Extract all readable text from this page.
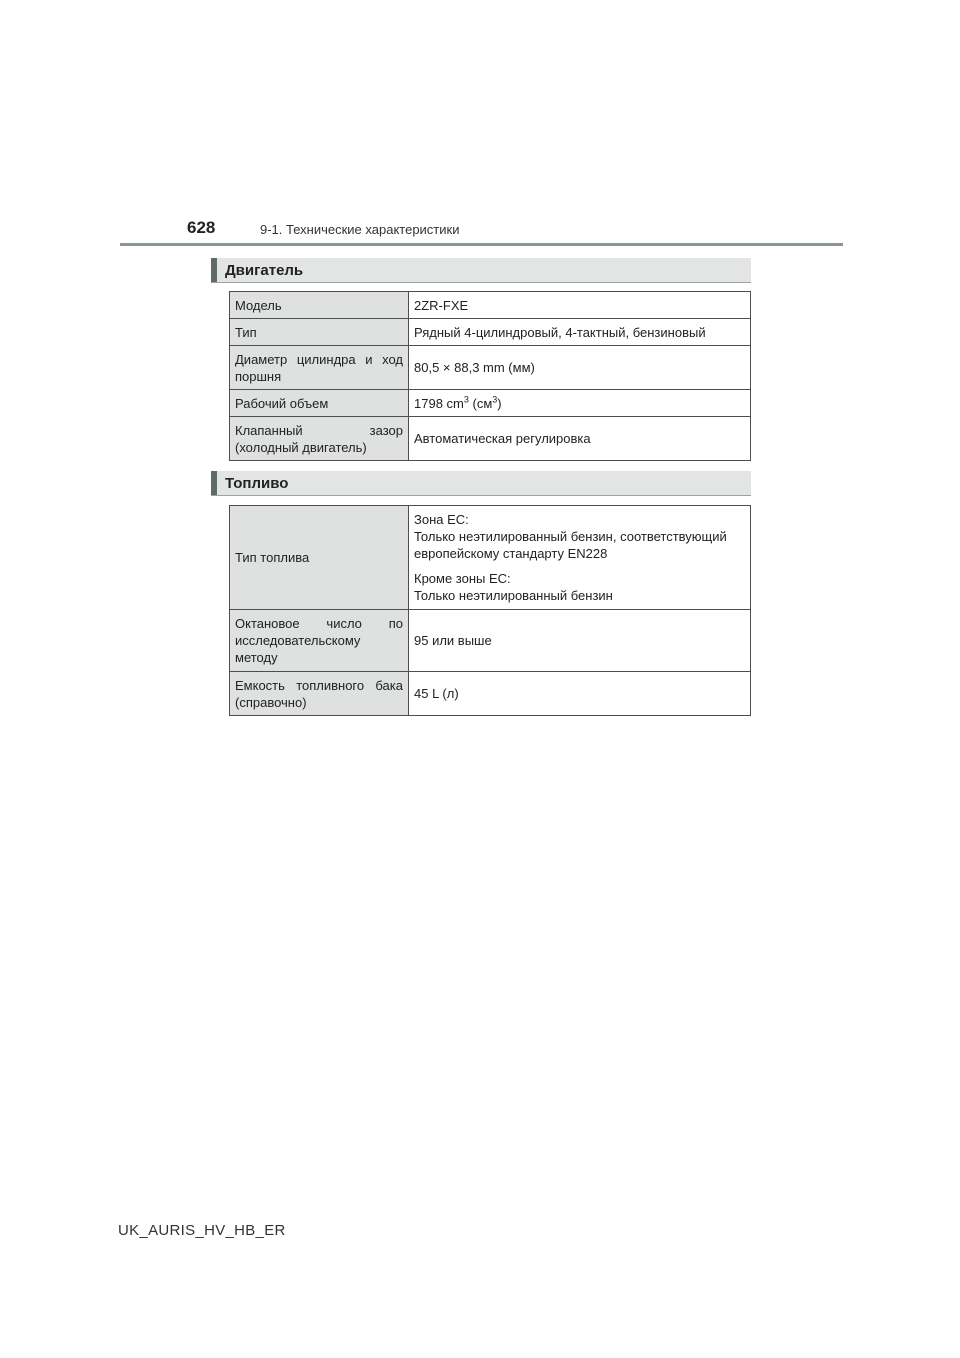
628	9-1. Технические характеристики
Двигатель
Модель	2ZR-FXE
Тип	Рядный 4-цилиндровый, 4-тактный, бензиновый
Диаметр цилиндра и ход поршня	80,5 × 88,3 mm (мм)
Рабочий объем	1798 $cm^3$ $(см^3)$
Клапанный зазор (холодный двигатель)	Автоматическая регулировка
Топливо
Тип топлива	Зона ЕС:
Только неэтилированный бензин, соответствующий европейскому стандарту EN228
Кроме зоны ЕС:
Только неэтилированный бензин

Октановое число по исследовательскому методу	95 или выше
Емкость топливного бака (справочно)	45 L (л)
UK_AURIS_HV_HB_ER
